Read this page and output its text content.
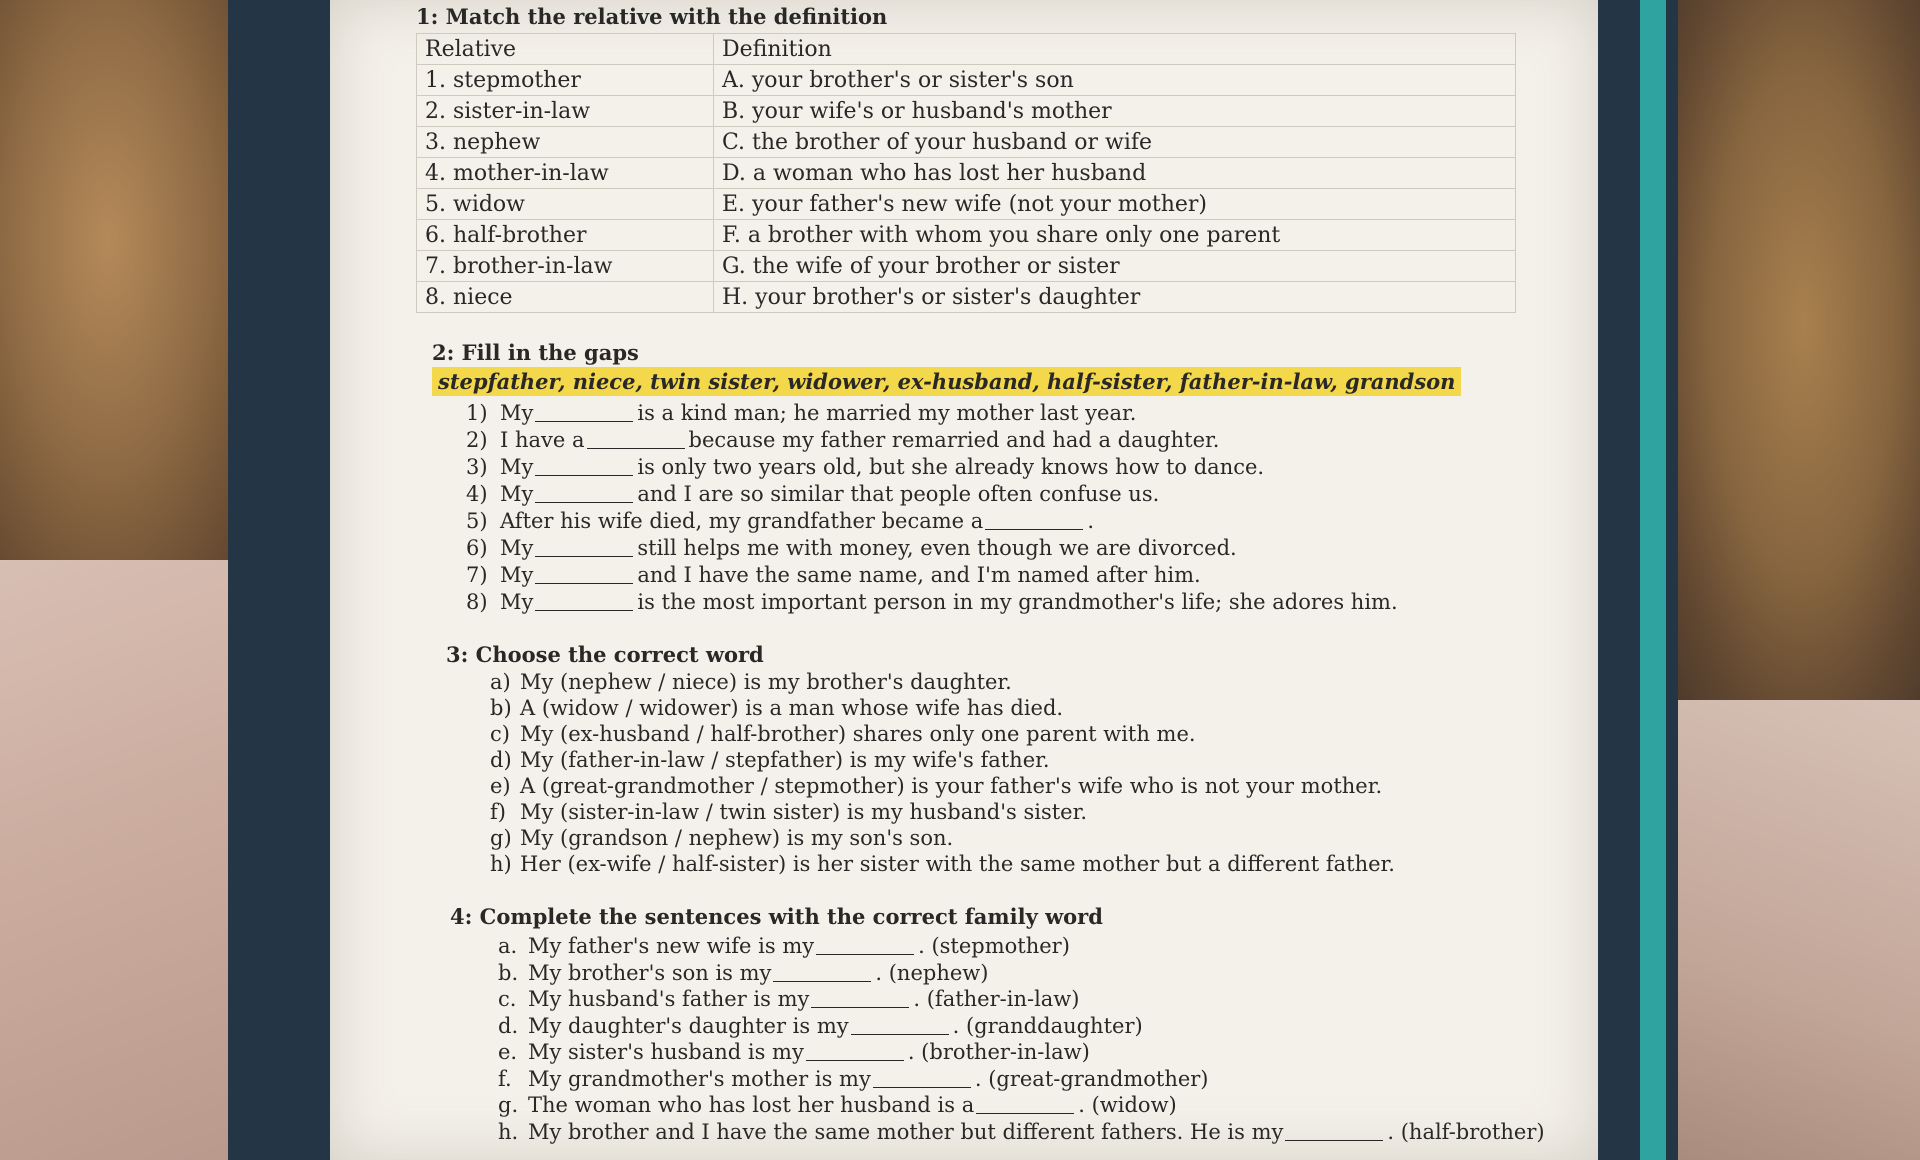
1: Match the relative with the definition

Relative	Definition
1. stepmother	A. your brother's or sister's son
2. sister-in-law	B. your wife's or husband's mother
3. nephew	C. the brother of your husband or wife
4. mother-in-law	D. a woman who has lost her husband
5. widow	E. your father's new wife (not your mother)
6. half-brother	F. a brother with whom you share only one parent
7. brother-in-law	G. the wife of your brother or sister
8. niece	H. your brother's or sister's daughter

2: Fill in the gaps

stepfather, niece, twin sister, widower, ex-husband, half-sister, father-in-law, grandson
My	is a kind man; he married my mother last year.
I have a	because my father remarried and had a daughter.
My	is only two years old, but she already knows how to dance.
My	and I are so similar that people often confuse us.
After his wife died, my grandfather became a	.
My	still helps me with money, even though we are divorced.
My	and I have the same name, and I'm named after him.
My	is the most important person in my grandmother's life; she adores him.

3: Choose the correct word

a) My (nephew / niece) is my brother's daughter.
b) A (widow / widower) is a man whose wife has died.
c) My (ex-husband / half-brother) shares only one parent with me.
d) My (father-in-law / stepfather) is my wife's father.
e) A (great-grandmother / stepmother) is your father's wife who is not your mother.
f) My (sister-in-law / twin sister) is my husband's sister.
g) My (grandson / nephew) is my son's son.
h) Her (ex-wife / half-sister) is her sister with the same mother but a different father.

4: Complete the sentences with the correct family word

a. My father's new wife is my	. (stepmother)
b. My brother's son is my	. (nephew)
c. My husband's father is my	. (father-in-law)
d. My daughter's daughter is my	. (granddaughter)
e. My sister's husband is my	. (brother-in-law)
f. My grandmother's mother is my	. (great-grandmother)
g. The woman who has lost her husband is a	. (widow)
h. My brother and I have the same mother but different fathers. He is my	. (half-brother)
